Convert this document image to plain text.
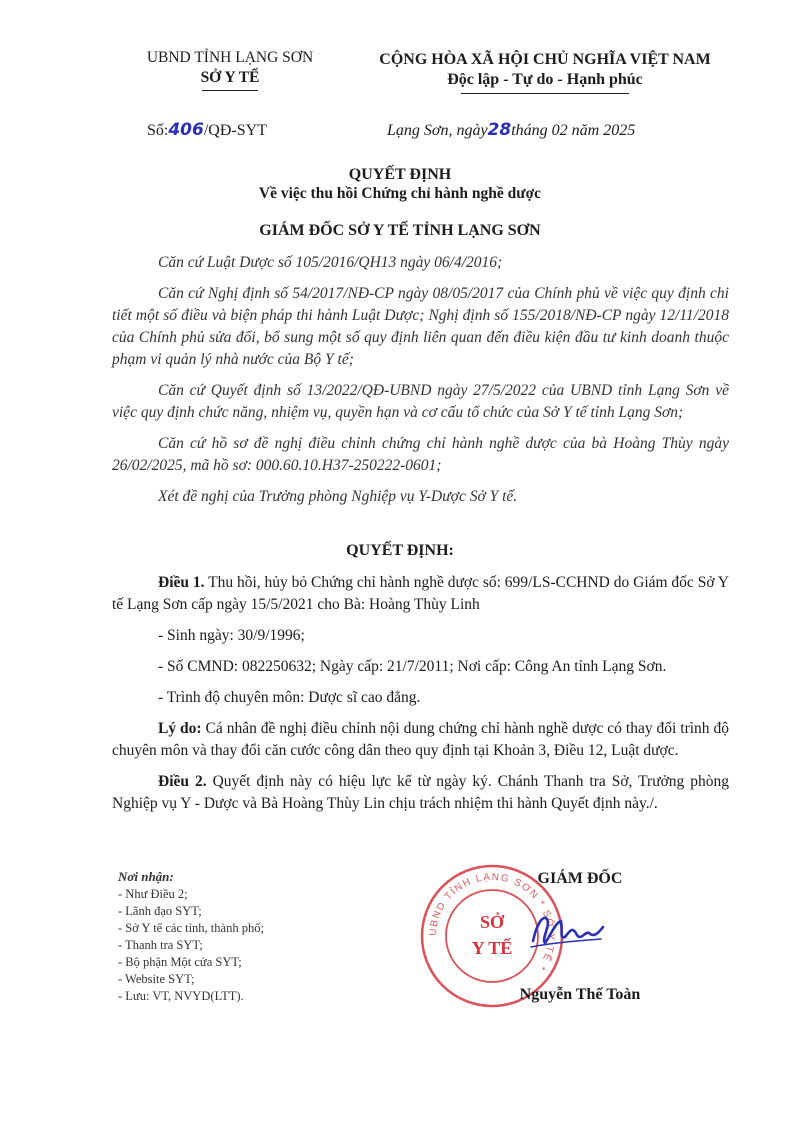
UBND TỈNH LẠNG SƠN
SỞ Y TẾ
CỘNG HÒA XÃ HỘI CHỦ NGHĨA VIỆT NAM
Độc lập - Tự do - Hạnh phúc
Số:406/QĐ-SYT	Lạng Sơn, ngày28tháng 02 năm 2025
QUYẾT ĐỊNH
Về việc thu hồi Chứng chỉ hành nghề dược
GIÁM ĐỐC SỞ Y TẾ TỈNH LẠNG SƠN

Căn cứ Luật Dược số 105/2016/QH13 ngày 06/4/2016;

Căn cứ Nghị định số 54/2017/NĐ-CP ngày 08/05/2017 của Chính phủ về việc quy định chi tiết một số điều và biện pháp thi hành Luật Dược; Nghị định số 155/2018/NĐ-CP ngày 12/11/2018 của Chính phủ sửa đổi, bổ sung một số quy định liên quan đến điều kiện đầu tư kinh doanh thuộc phạm vi quản lý nhà nước của Bộ Y tế;

Căn cứ Quyết định số 13/2022/QĐ-UBND ngày 27/5/2022 của UBND tỉnh Lạng Sơn về việc quy định chức năng, nhiệm vụ, quyền hạn và cơ cấu tổ chức của Sở Y tế tỉnh Lạng Sơn;

Căn cứ hồ sơ đề nghị điều chỉnh chứng chỉ hành nghề dược của bà Hoàng Thùy ngày 26/02/2025, mã hồ sơ: 000.60.10.H37-250222-0601;

Xét đề nghị của Trưởng phòng Nghiệp vụ Y-Dược Sở Y tế.

QUYẾT ĐỊNH:

Điều 1. Thu hồi, hủy bỏ Chứng chỉ hành nghề dược số: 699/LS-CCHND do Giám đốc Sở Y tế Lạng Sơn cấp ngày 15/5/2021 cho Bà: Hoàng Thùy Linh

- Sinh ngày: 30/9/1996;

- Số CMND: 082250632; Ngày cấp: 21/7/2011; Nơi cấp: Công An tỉnh Lạng Sơn.

- Trình độ chuyên môn: Dược sĩ cao đẳng.

Lý do: Cá nhân đề nghị điều chỉnh nội dung chứng chỉ hành nghề dược có thay đổi trình độ chuyên môn và thay đổi căn cước công dân theo quy định tại Khoản 3, Điều 12, Luật dược.

Điều 2. Quyết định này có hiệu lực kể từ ngày ký. Chánh Thanh tra Sở, Trưởng phòng Nghiệp vụ Y - Dược và Bà Hoàng Thùy Lin chịu trách nhiệm thi hành Quyết định này./.

Nơi nhận:
- Như Điều 2;
- Lãnh đạo SYT;
- Sở Y tế các tỉnh, thành phố;
- Thanh tra SYT;
- Bộ phận Một cửa SYT;
- Website SYT;
- Lưu: VT, NVYD(LTT).
UBND TỈNH LẠNG SƠN * SỞ Y TẾ *
SỞ
Y TẾ
GIÁM ĐỐC
Nguyễn Thế Toàn
